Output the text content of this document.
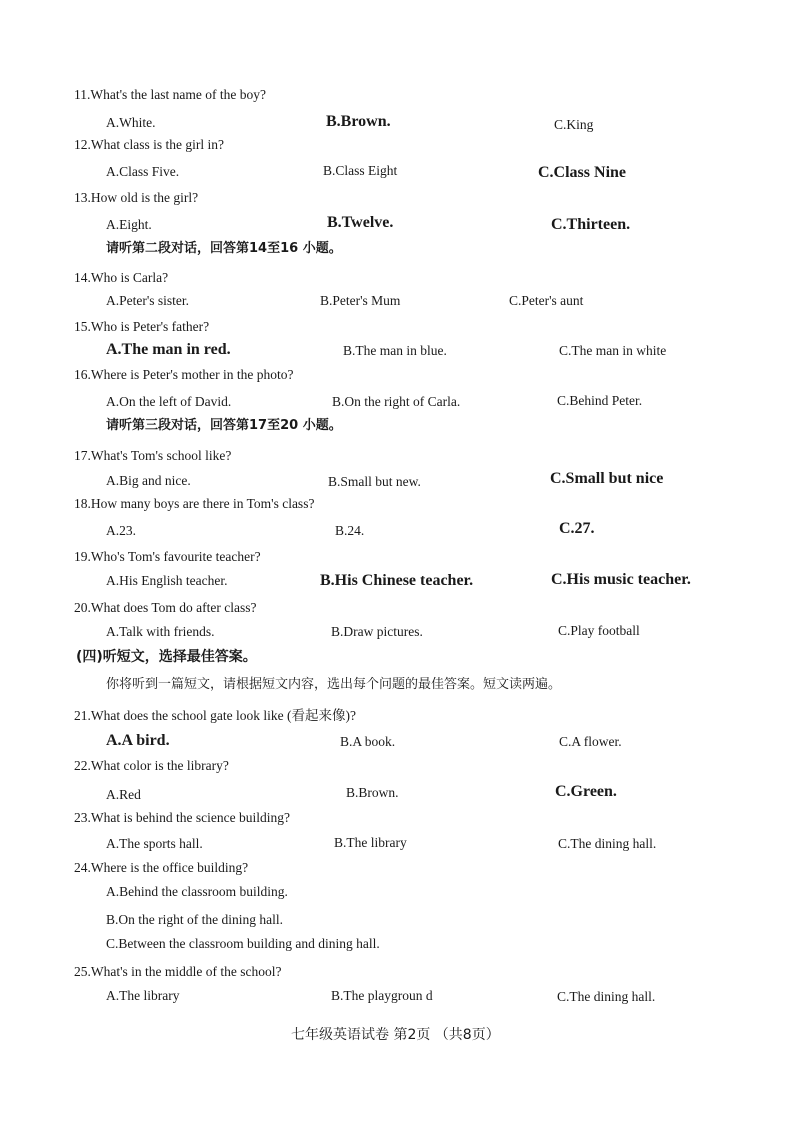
11.What's the last name of the boy?
A.White.	B.Brown.	C.King
12.What class is the girl in?
A.Class Five.	B.Class Eight	C.Class Nine
13.How old is the girl?
A.Eight.	B.Twelve.	C.Thirteen.
请听第二段对话，回答第14至16 小题。
14.Who is Carla?
A.Peter's sister.	B.Peter's Mum	C.Peter's aunt
15.Who is Peter's father?
A.The man in red.	B.The man in blue.	C.The man in white
16.Where is Peter's mother in the photo?
A.On the left of David.	B.On the right of Carla.	C.Behind Peter.
请听第三段对话，回答第17至20 小题。
17.What's Tom's school like?
A.Big and nice.	B.Small but new.	C.Small but nice
18.How many boys are there in Tom's class?
A.23.	B.24.	C.27.
19.Who's Tom's favourite teacher?
A.His English teacher.	B.His Chinese teacher.	C.His music teacher.
20.What does Tom do after class?
A.Talk with friends.	B.Draw pictures.	C.Play football
(四)听短文，选择最佳答案。
你将听到一篇短文，请根据短文内容，选出每个问题的最佳答案。短文读两遍。
21.What does the school gate look like (看起来像)?
A.A bird.	B.A book.	C.A flower.
22.What color is the library?
A.Red	B.Brown.	C.Green.
23.What is behind the science building?
A.The sports hall.	B.The library	C.The dining hall.
24.Where is the office building?
A.Behind the classroom building.
B.On the right of the dining hall.
C.Between the classroom building and dining hall.
25.What's in the middle of the school?
A.The library	B.The playgroun d	C.The dining hall.
七年级英语试卷 第2页 （共8页）
